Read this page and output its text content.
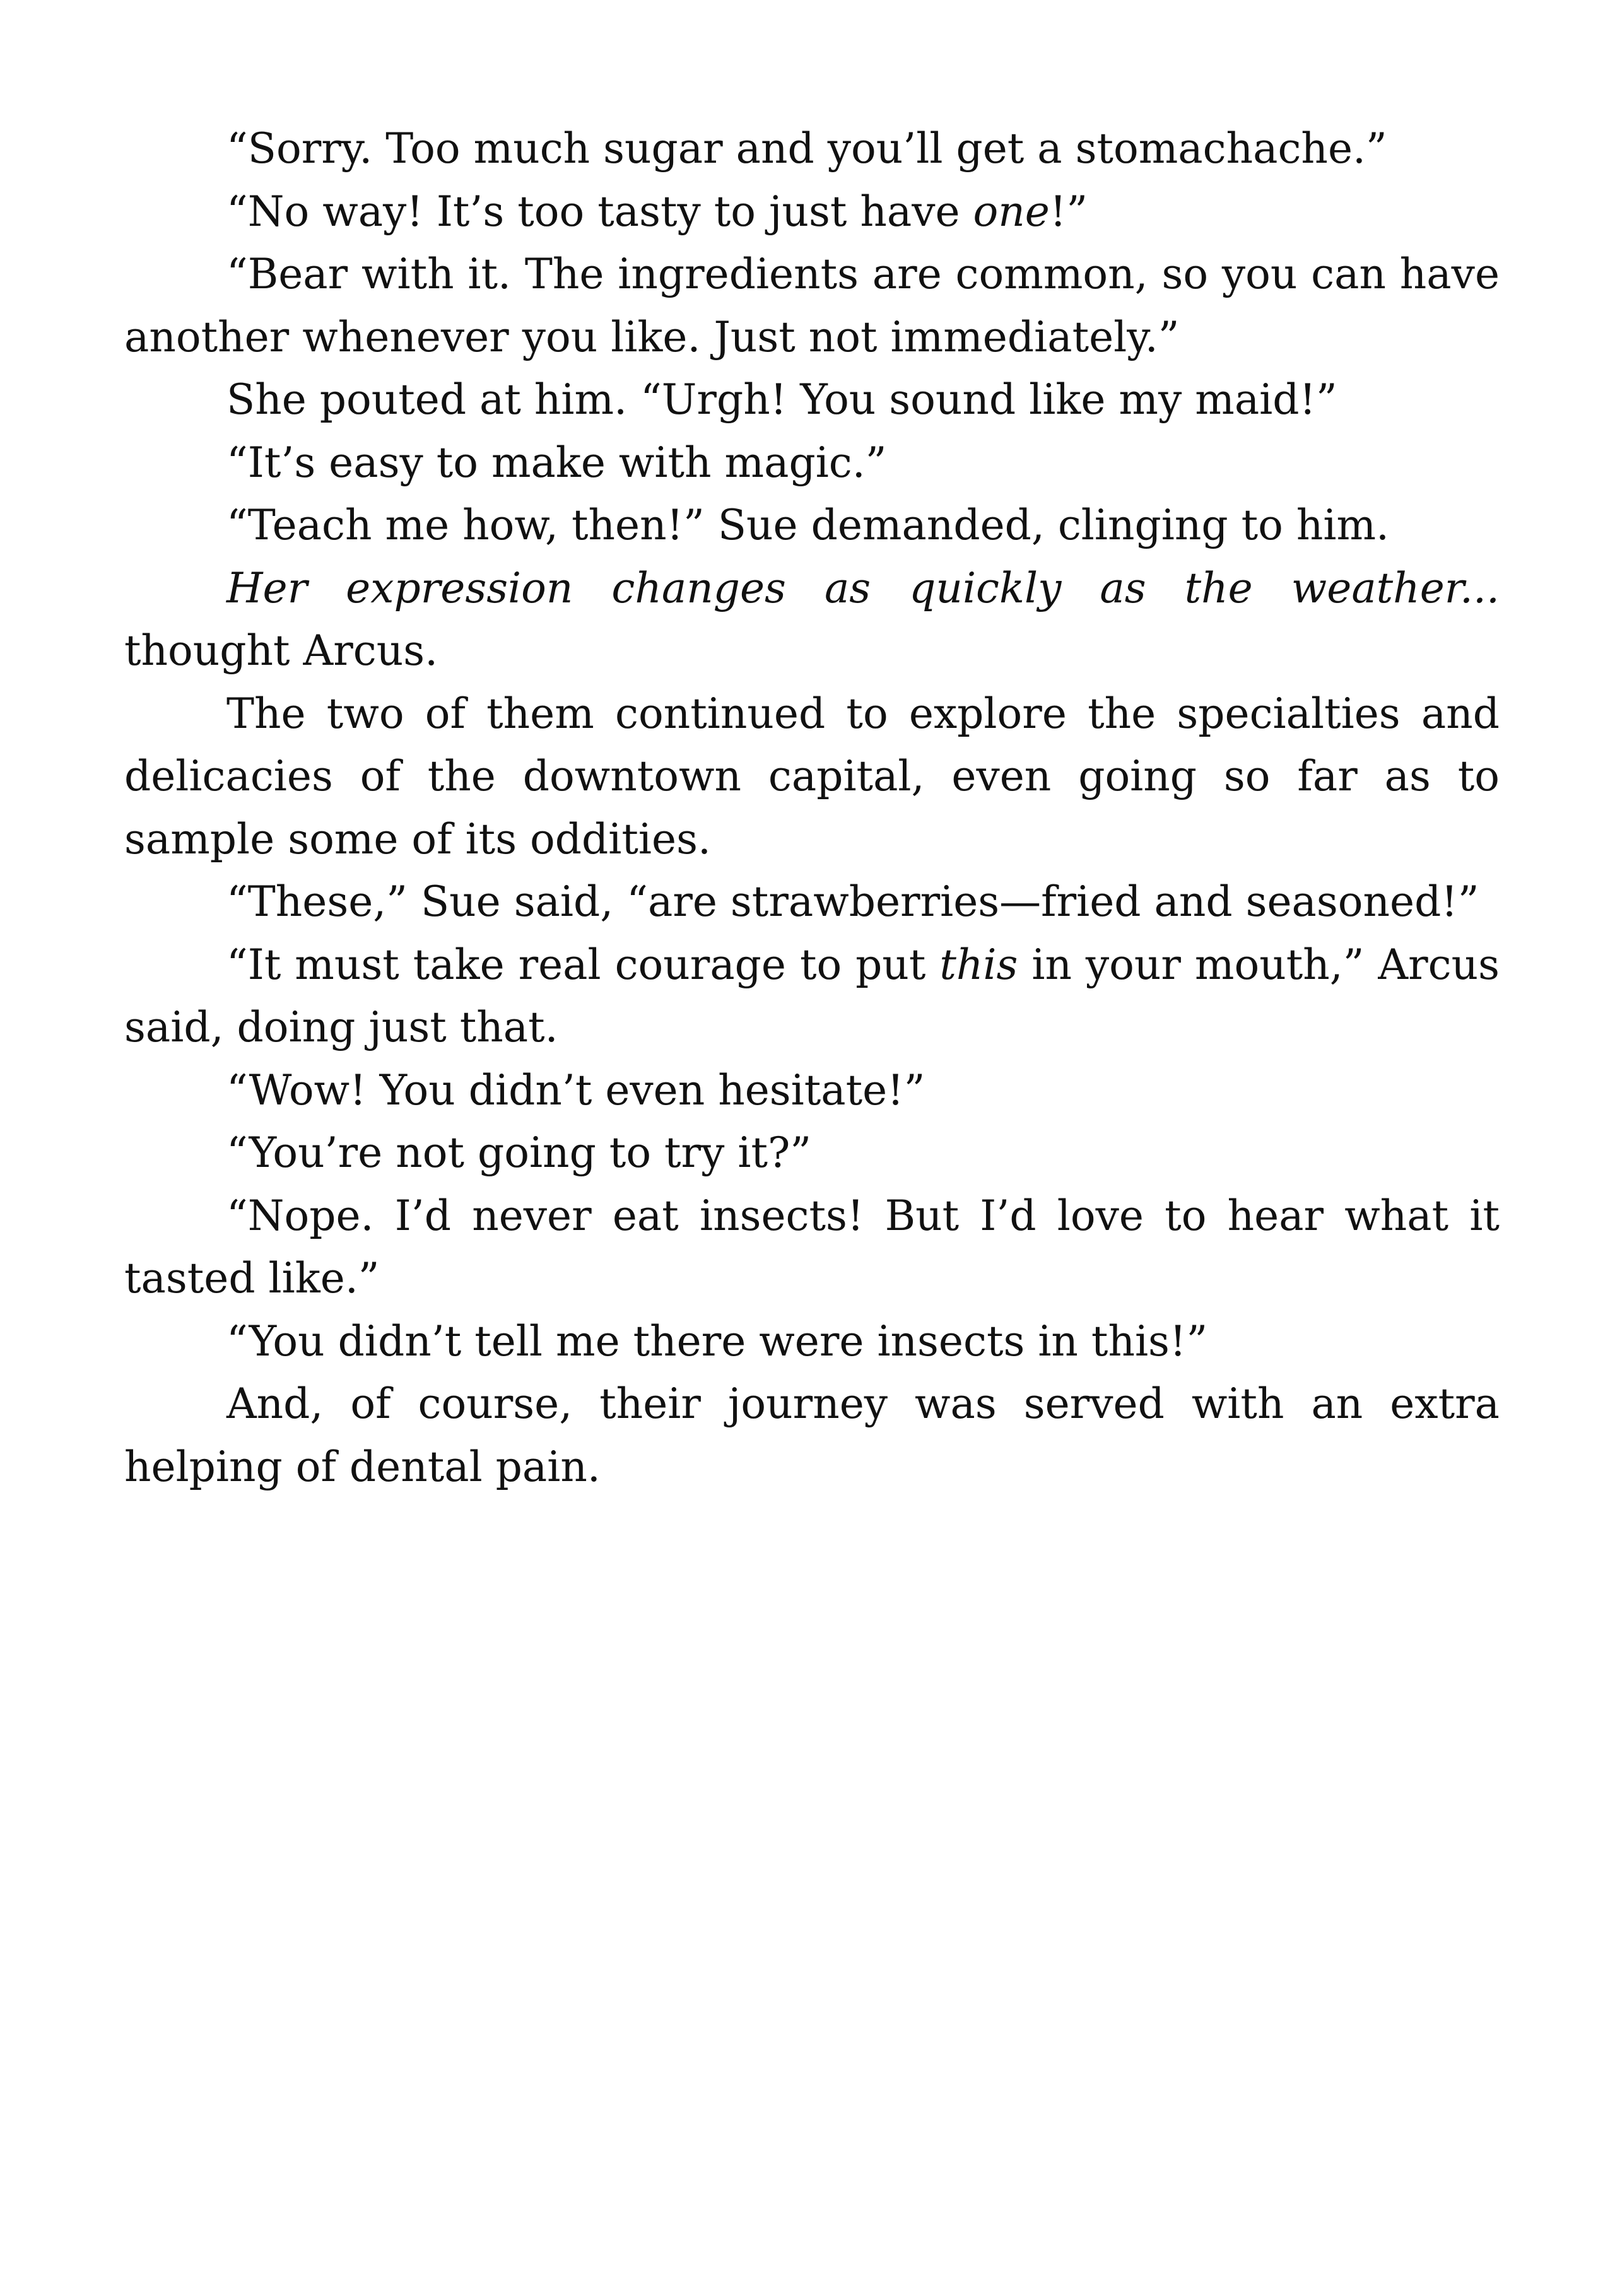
“Sorry. Too much sugar and you’ll get a stomachache.”

“No way! It’s too tasty to just have one!”

“Bear with it. The ingredients are common, so you can have another whenever you like. Just not immediately.”

She pouted at him. “Urgh! You sound like my maid!”

“It’s easy to make with magic.”

“Teach me how, then!” Sue demanded, clinging to him.

Her expression changes as quickly as the weather... thought Arcus.

The two of them continued to explore the specialties and delicacies of the downtown capital, even going so far as to sample some of its oddities.

“These,” Sue said, “are strawberries—fried and seasoned!”

“It must take real courage to put this in your mouth,” Arcus said, doing just that.

“Wow! You didn’t even hesitate!”

“You’re not going to try it?”

“Nope. I’d never eat insects! But I’d love to hear what it tasted like.”

“You didn’t tell me there were insects in this!”

And, of course, their journey was served with an extra helping of dental pain.
